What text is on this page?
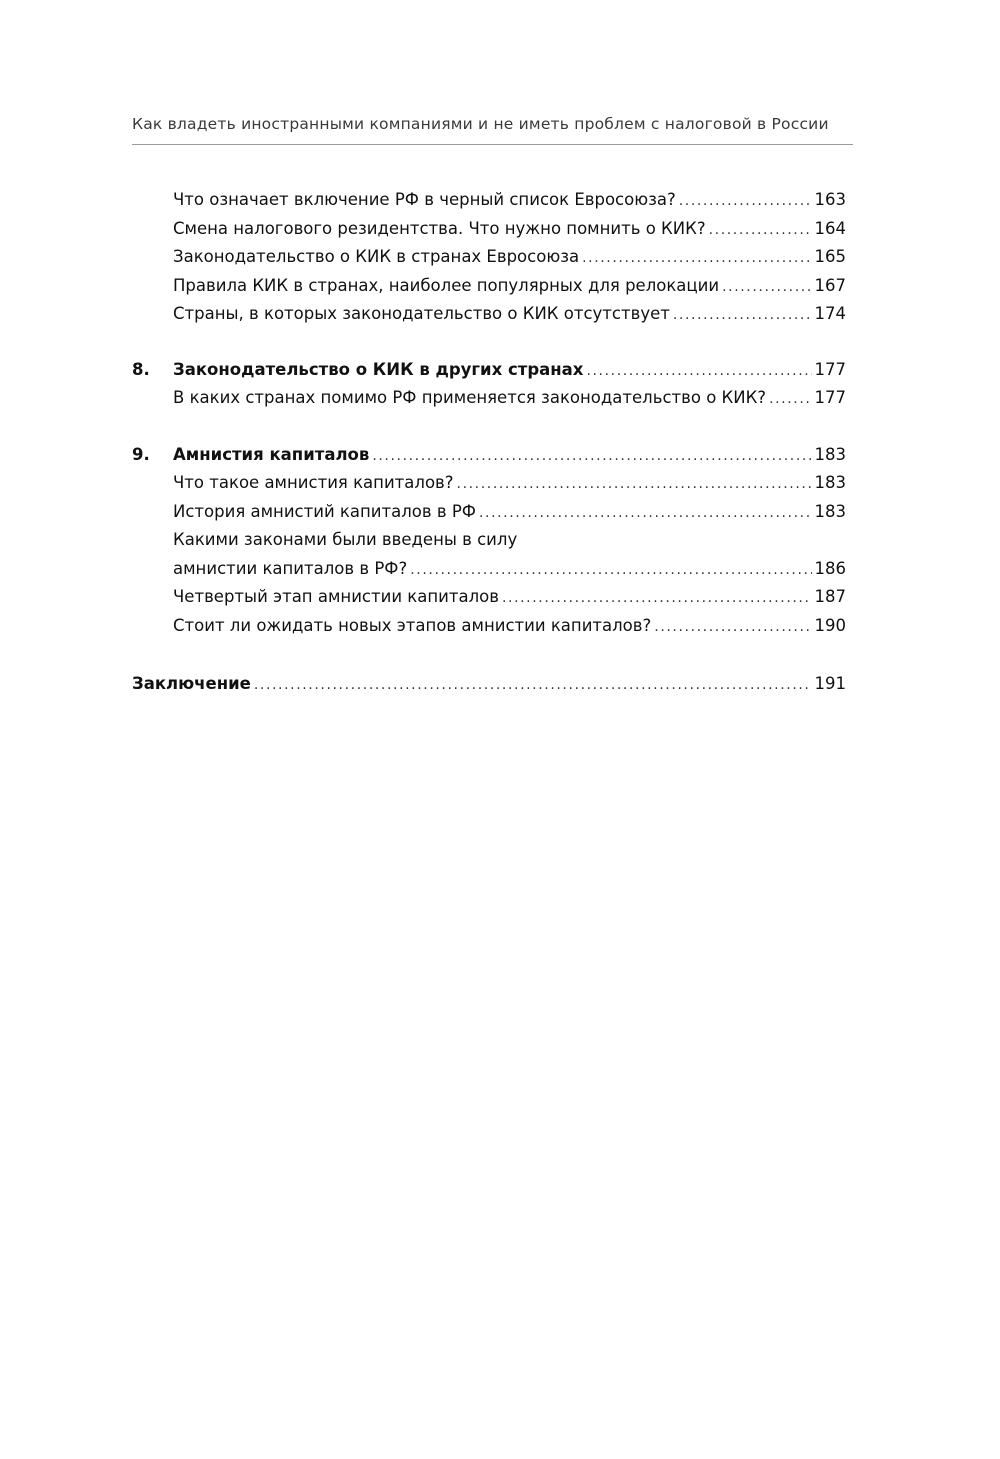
Как владеть иностранными компаниями и не иметь проблем с налоговой в России
Что означает включение РФ в черный список Евросоюза? .....	163
Смена налогового резидентства. Что нужно помнить о КИК? .....	164
Законодательство о КИК в странах Евросоюза .....	165
Правила КИК в странах, наиболее популярных для релокации .....	167
Страны, в которых законодательство о КИК отсутствует .....	174
8. Законодательство о КИК в других странах .....	177
В каких странах помимо РФ применяется законодательство о КИК? .....	177
9. Амнистия капиталов .....	183
Что такое амнистия капиталов? .....	183
История амнистий капиталов в РФ .....	183
Какими законами были введены в силу
амнистии капиталов в РФ? .....	186
Четвертый этап амнистии капиталов .....	187
Стоит ли ожидать новых этапов амнистии капиталов? .....	190
Заключение .....	191
